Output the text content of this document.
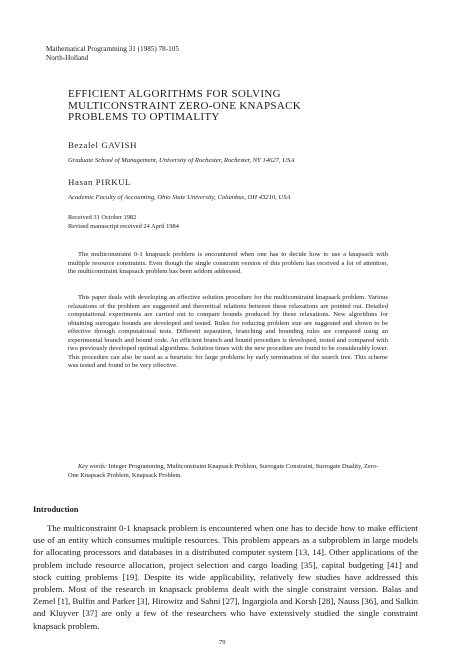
Mathematical Programming 31 (1985) 78-105
North-Holland
EFFICIENT ALGORITHMS FOR SOLVING
MULTICONSTRAINT ZERO-ONE KNAPSACK
PROBLEMS TO OPTIMALITY
Bezalel GAVISH
Graduate School of Management, University of Rochester, Rochester, NY 14627, USA
Hasan PIRKUL
Academic Faculty of Accounting, Ohio State University, Columbus, OH 43210, USA
Received 31 October 1982
Revised manuscript received 24 April 1984

The multiconstraint 0-1 knapsack problem is encountered when one has to decide how to use a knapsack with multiple resource constraints. Even though the single constraint version of this problem has received a lot of attention, the multiconstraint knapsack problem has been seldom addressed.

This paper deals with developing an effective solution procedure for the multiconstraint knapsack problem. Various relaxations of the problem are suggested and theoretical relations between these relaxations are pointed out. Detailed computational experiments are carried out to compare bounds produced by these relaxations. New algorithms for obtaining surrogate bounds are developed and tested. Rules for reducing problem size are suggested and shown to be effective through computational tests. Different separation, branching and bounding rules are compared using an experimental branch and bound code. An efficient branch and bound procedure is developed, tested and compared with two previously developed optimal algorithms. Solution times with the new procedure are found to be considerably lower. This procedure can also be used as a heuristic for large problems by early termination of the search tree. This scheme was tested and found to be very effective.

Key words: Integer Programming, Multiconstraint Knapsack Problem, Surrogate Constraint, Surrogate Duality, Zero-One Knapsack Problem, Knapsack Problem.
Introduction

The multiconstraint 0-1 knapsack problem is encountered when one has to decide how to make efficient use of an entity which consumes multiple resources. This problem appears as a subproblem in large models for allocating processors and databases in a distributed computer system [13, 14]. Other applications of the problem include resource allocation, project selection and cargo loading [35], capital budgeting [41] and stock cutting problems [19]. Despite its wide applicability, relatively few studies have addressed this problem. Most of the research in knapsack problems dealt with the single constraint version. Balas and Zemel [1], Bulfin and Parker [3], Hirowitz and Sahni [27], Ingargiola and Korsh [28], Nauss [36], and Salkin and Kluyver [37] are only a few of the researchers who have extensively studied the single constraint knapsack problem.

79
